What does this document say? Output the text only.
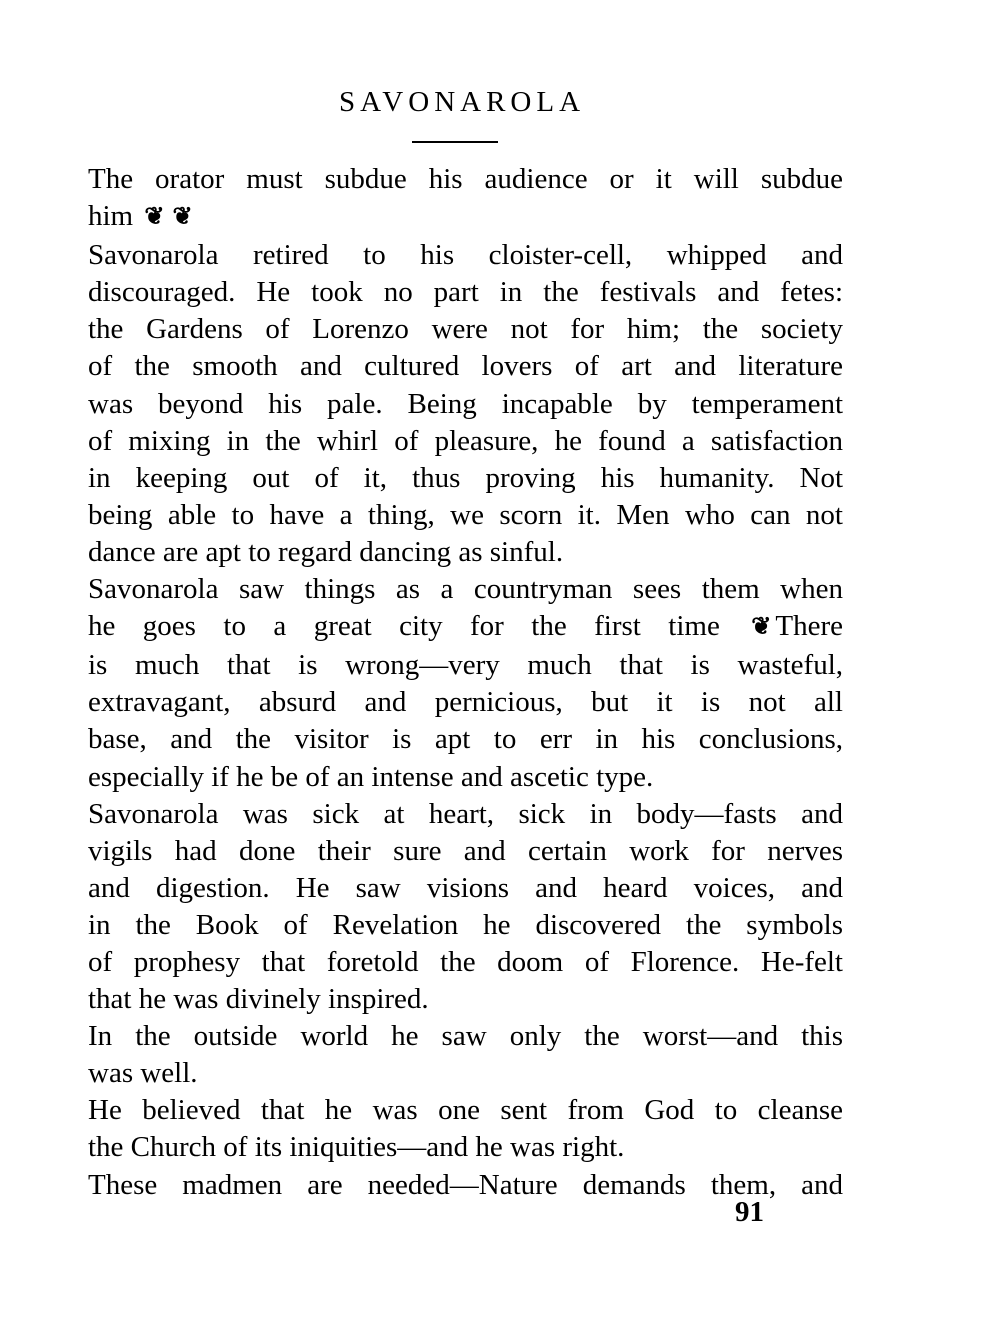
SAVONAROLA
The orator must subdue his audience or it will subdue
him ❦ ❦
Savonarola retired to his cloister-cell, whipped and
discouraged. He took no part in the festivals and fetes:
the Gardens of Lorenzo were not for him; the society
of the smooth and cultured lovers of art and literature
was beyond his pale. Being incapable by temperament
of mixing in the whirl of pleasure, he found a satisfaction
in keeping out of it, thus proving his humanity. Not
being able to have a thing, we scorn it. Men who can not
dance are apt to regard dancing as sinful.
Savonarola saw things as a countryman sees them when
he goes to a great city for the first time ❦ There
is much that is wrong—very much that is wasteful,
extravagant, absurd and pernicious, but it is not all
base, and the visitor is apt to err in his conclusions,
especially if he be of an intense and ascetic type.
Savonarola was sick at heart, sick in body—fasts and
vigils had done their sure and certain work for nerves
and digestion. He saw visions and heard voices, and
in the Book of Revelation he discovered the symbols
of prophesy that foretold the doom of Florence. He-felt
that he was divinely inspired.
In the outside world he saw only the worst—and this
was well.
He believed that he was one sent from God to cleanse
the Church of its iniquities—and he was right.
These madmen are needed—Nature demands them, and
91
